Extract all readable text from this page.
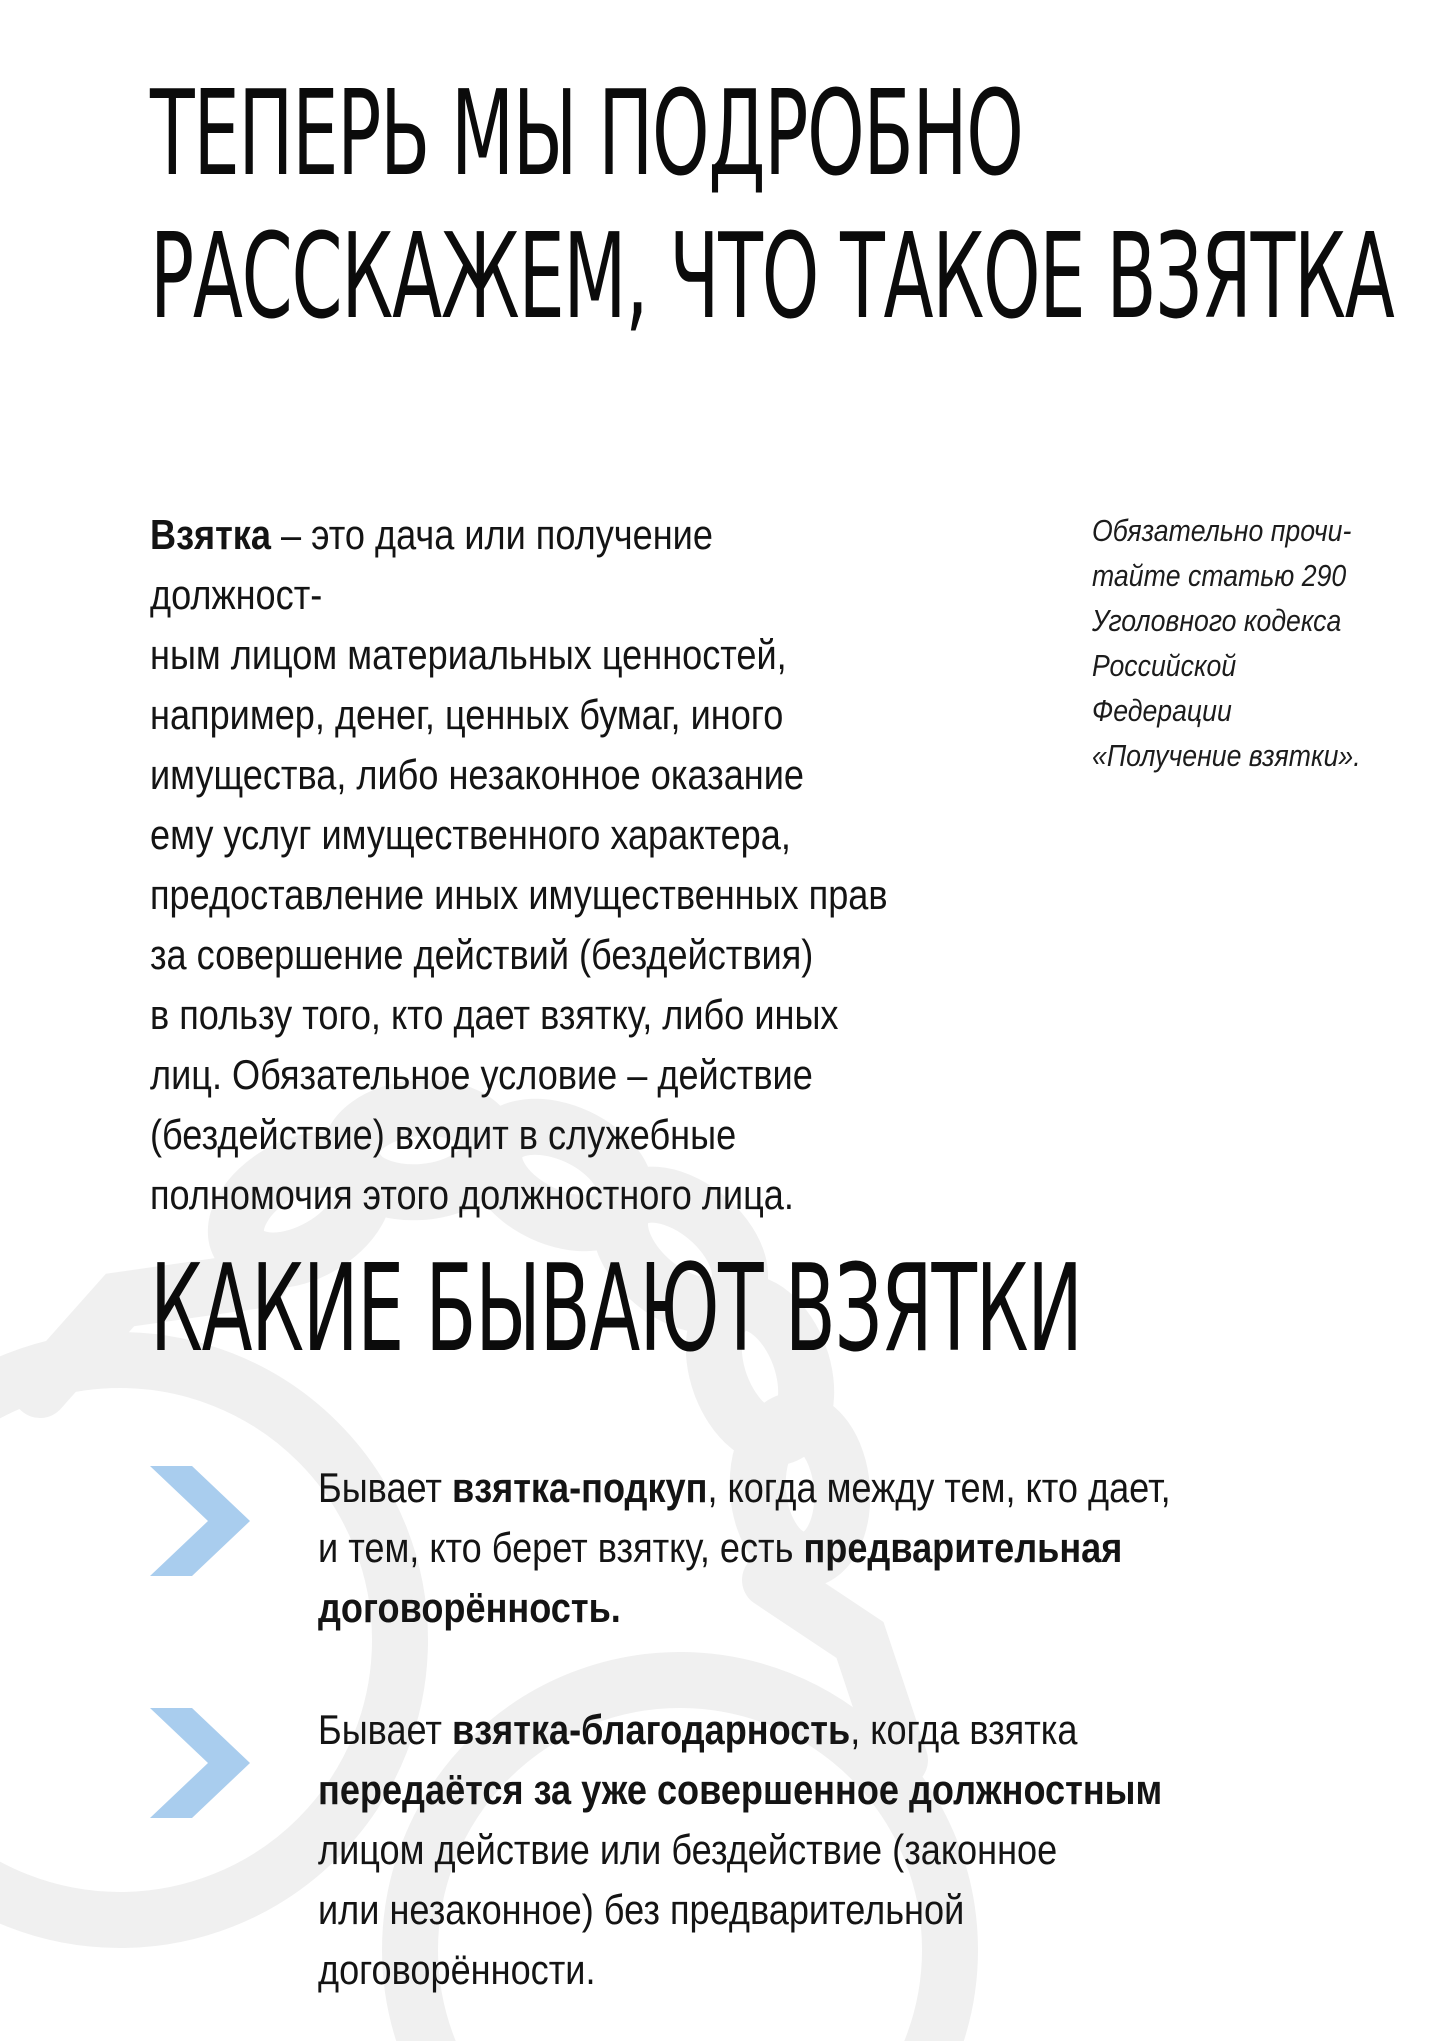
ТЕПЕРЬ МЫ ПОДРОБНО
РАССКАЖЕМ, ЧТО ТАКОЕ ВЗЯТКА

Взятка – это дача или получение должност-

ным лицом материальных ценностей,

например, денег, ценных бумаг, иного

имущества, либо незаконное оказание

ему услуг имущественного характера,

предоставление иных имущественных прав

за совершение действий (бездействия)

в пользу того, кто дает взятку, либо иных

лиц. Обязательное условие – действие

(бездействие) входит в служебные

полномочия этого должностного лица.

Обязательно прочи-
тайте статью 290
Уголовного кодекса
Российской Федерации
«Получение взятки».
КАКИЕ БЫВАЮТ ВЗЯТКИ

Бывает взятка-подкуп, когда между тем, кто дает,

и тем, кто берет взятку, есть предварительная

договорённость.

Бывает взятка-благодарность, когда взятка

передаётся за уже совершенное должностным

лицом действие или бездействие (законное

или незаконное) без предварительной договорённости.
